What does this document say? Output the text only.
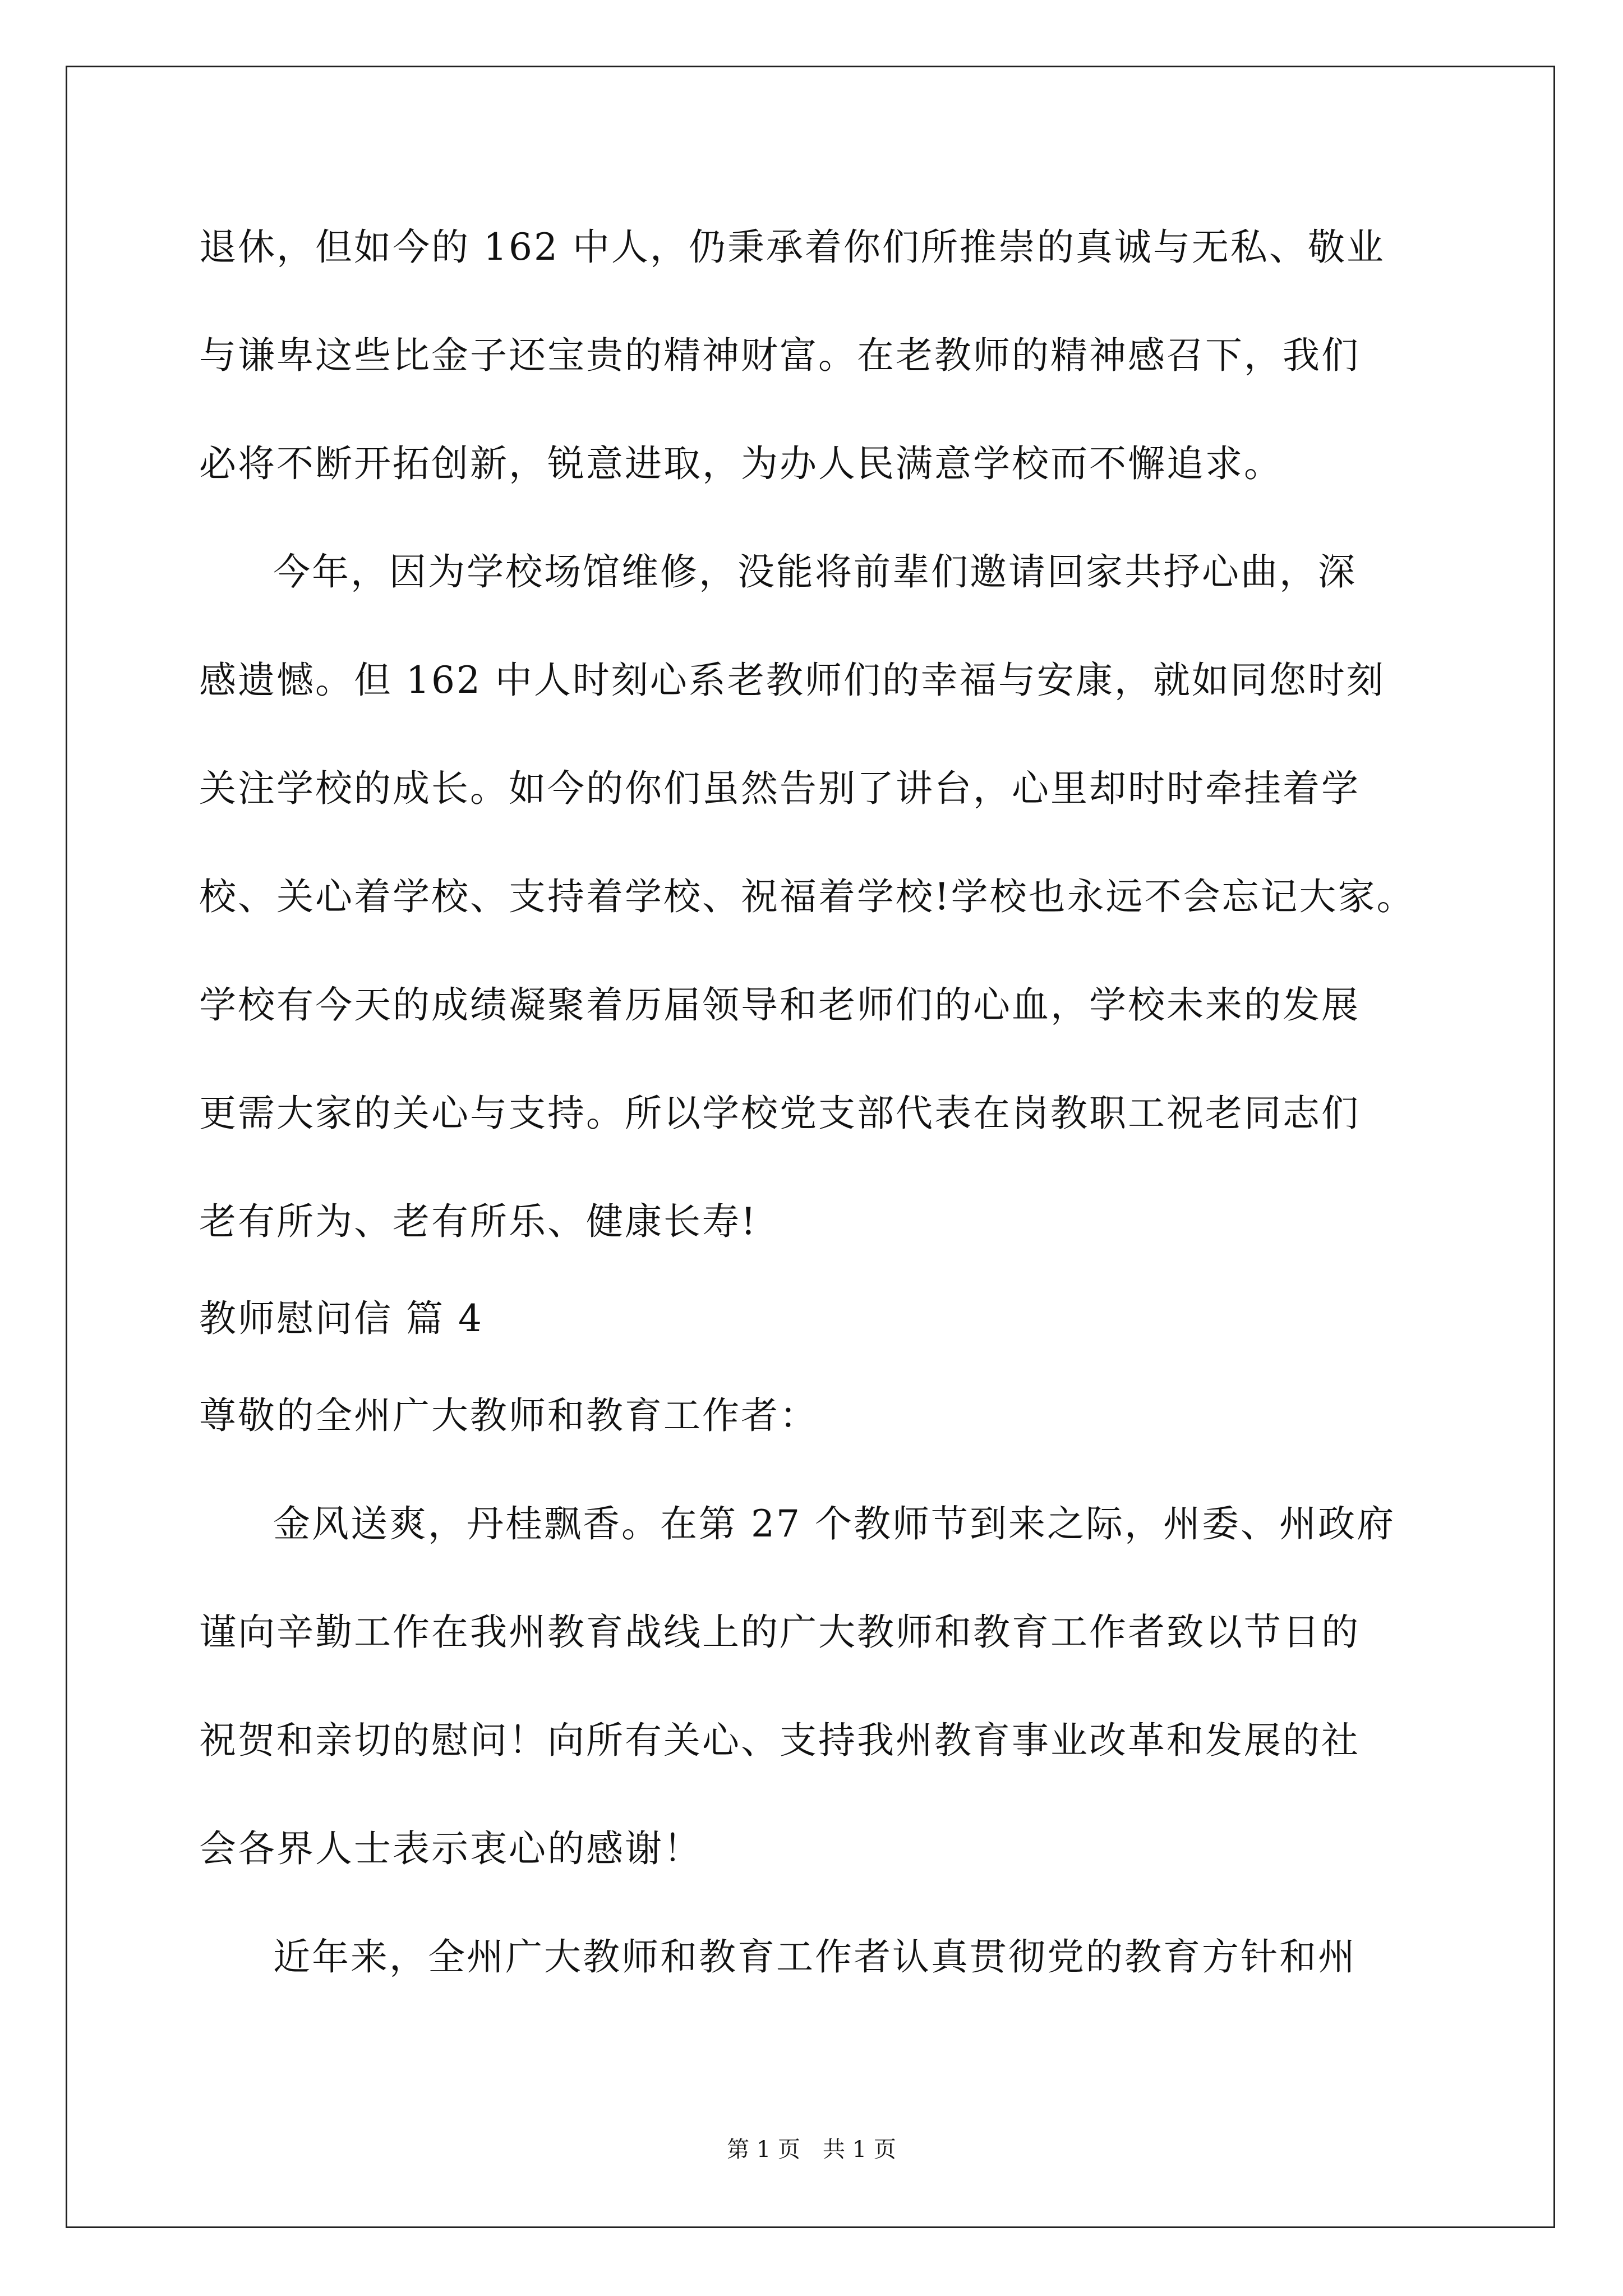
退休，但如今的 162 中人，仍秉承着你们所推崇的真诚与无私、敬业
与谦卑这些比金子还宝贵的精神财富。在老教师的精神感召下，我们
必将不断开拓创新，锐意进取，为办人民满意学校而不懈追求。
今年，因为学校场馆维修，没能将前辈们邀请回家共抒心曲，深
感遗憾。但 162 中人时刻心系老教师们的幸福与安康，就如同您时刻
关注学校的成长。如今的你们虽然告别了讲台，心里却时时牵挂着学
校、关心着学校、支持着学校、祝福着学校!学校也永远不会忘记大家。
学校有今天的成绩凝聚着历届领导和老师们的心血，学校未来的发展
更需大家的关心与支持。所以学校党支部代表在岗教职工祝老同志们
老有所为、老有所乐、健康长寿!
教师慰问信 篇 4
尊敬的全州广大教师和教育工作者：
金风送爽，丹桂飘香。在第 27 个教师节到来之际，州委、州政府
谨向辛勤工作在我州教育战线上的广大教师和教育工作者致以节日的
祝贺和亲切的慰问！向所有关心、支持我州教育事业改革和发展的社
会各界人士表示衷心的感谢！
近年来，全州广大教师和教育工作者认真贯彻党的教育方针和州
第 1 页　共 1 页
